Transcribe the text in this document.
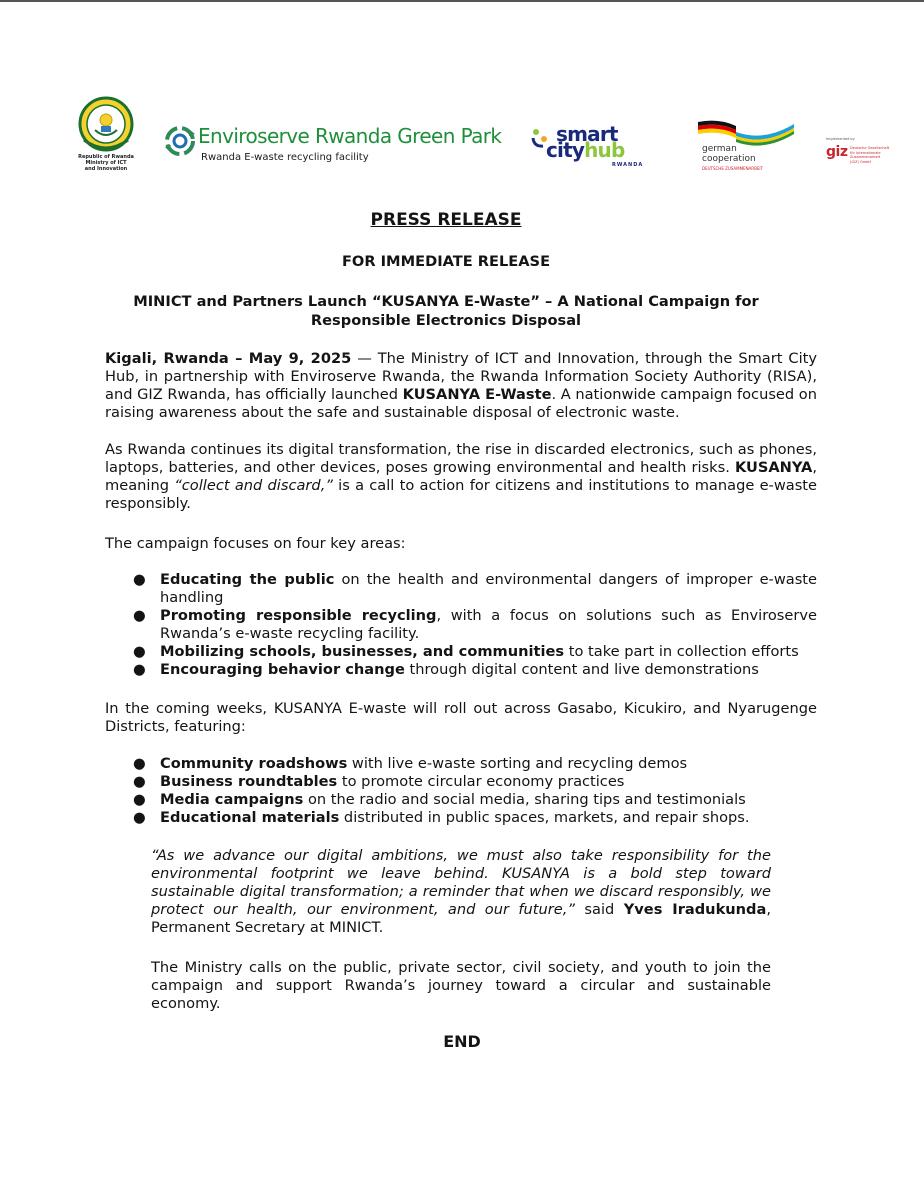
Republic of Rwanda
Ministry of ICT
and Innovation
Enviroserve Rwanda Green Park
Rwanda E-waste recycling facility
smart
cityhub
RWANDA
german
cooperation
DEUTSCHE ZUSAMMENARBEIT
Implemented by
giz Deutsche Gesellschaft für Internationale Zusammenarbeit (GIZ) GmbH
PRESS RELEASE
FOR IMMEDIATE RELEASE
MINICT and Partners Launch “KUSANYA E-Waste” – A National Campaign for Responsible Electronics Disposal

Kigali, Rwanda – May 9, 2025 — The Ministry of ICT and Innovation, through the Smart City Hub, in partnership with Enviroserve Rwanda, the Rwanda Information Society Authority (RISA), and GIZ Rwanda, has officially launched KUSANYA E-Waste. A nationwide campaign focused on raising awareness about the safe and sustainable disposal of electronic waste.

As Rwanda continues its digital transformation, the rise in discarded electronics, such as phones, laptops, batteries, and other devices, poses growing environmental and health risks. KUSANYA, meaning “collect and discard,” is a call to action for citizens and institutions to manage e-waste responsibly.

The campaign focuses on four key areas:

● Educating the public on the health and environmental dangers of improper e-waste handling
● Promoting responsible recycling, with a focus on solutions such as Enviroserve Rwanda’s e-waste recycling facility.
● Mobilizing schools, businesses, and communities to take part in collection efforts
● Encouraging behavior change through digital content and live demonstrations

In the coming weeks, KUSANYA E-waste will roll out across Gasabo, Kicukiro, and Nyarugenge Districts, featuring:

● Community roadshows with live e-waste sorting and recycling demos
● Business roundtables to promote circular economy practices
● Media campaigns on the radio and social media, sharing tips and testimonials
● Educational materials distributed in public spaces, markets, and repair shops.

“As we advance our digital ambitions, we must also take responsibility for the environmental footprint we leave behind. KUSANYA is a bold step toward sustainable digital transformation; a reminder that when we discard responsibly, we protect our health, our environment, and our future,” said Yves Iradukunda, Permanent Secretary at MINICT.

The Ministry calls on the public, private sector, civil society, and youth to join the campaign and support Rwanda’s journey toward a circular and sustainable economy.

END
